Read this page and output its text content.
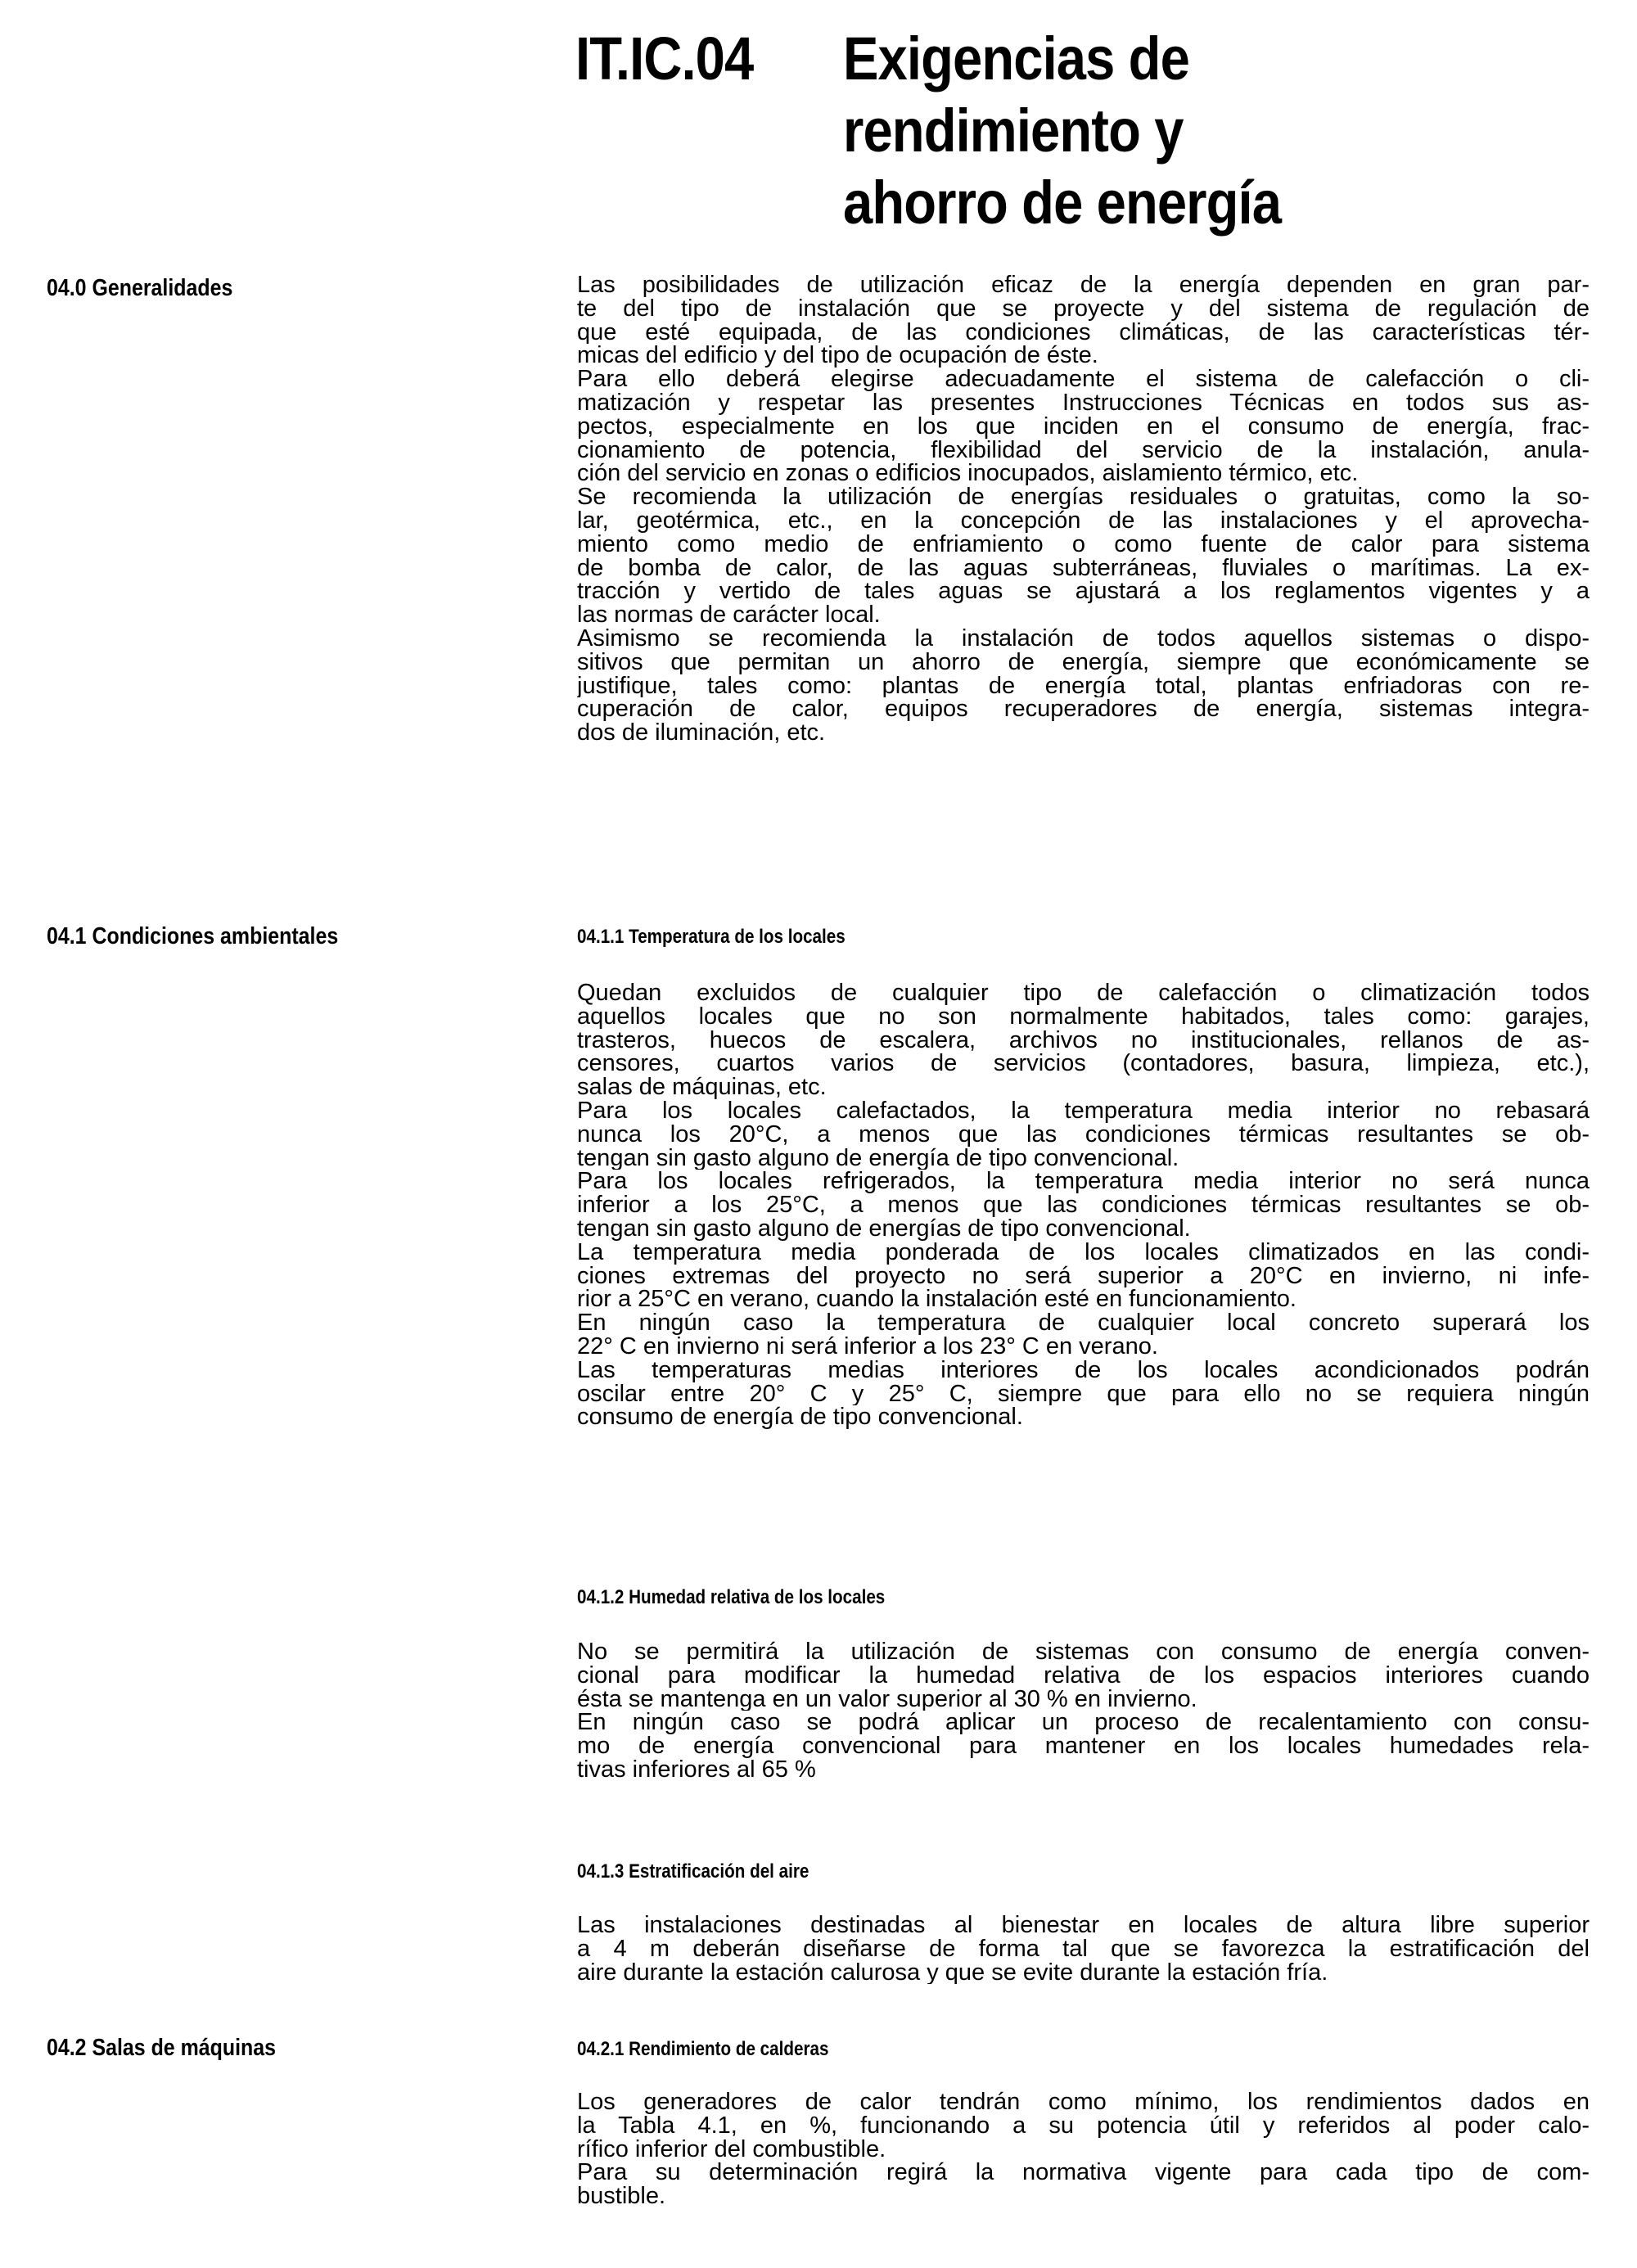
IT.IC.04 Exigencias de
rendimiento y
ahorro de energía
04.0 Generalidades	Las posibilidades de utilización eficaz de la energía dependen en gran par-
te del tipo de instalación que se proyecte y del sistema de regulación de
que esté equipada, de las condiciones climáticas, de las características tér-
micas del edificio y del tipo de ocupación de éste.
Para ello deberá elegirse adecuadamente el sistema de calefacción o cli-
matización y respetar las presentes Instrucciones Técnicas en todos sus as-
pectos, especialmente en los que inciden en el consumo de energía, frac-
cionamiento de potencia, flexibilidad del servicio de la instalación, anula-
ción del servicio en zonas o edificios inocupados, aislamiento térmico, etc.
Se recomienda la utilización de energías residuales o gratuitas, como la so-
lar, geotérmica, etc., en la concepción de las instalaciones y el aprovecha-
miento como medio de enfriamiento o como fuente de calor para sistema
de bomba de calor, de las aguas subterráneas, fluviales o marítimas. La ex-
tracción y vertido de tales aguas se ajustará a los reglamentos vigentes y a
las normas de carácter local.
Asimismo se recomienda la instalación de todos aquellos sistemas o dispo-
sitivos que permitan un ahorro de energía, siempre que económicamente se
justifique, tales como: plantas de energía total, plantas enfriadoras con re-
cuperación de calor, equipos recuperadores de energía, sistemas integra-
dos de iluminación, etc.
04.1 Condiciones ambientales	04.1.1 Temperatura de los locales
Quedan excluidos de cualquier tipo de calefacción o climatización todos
aquellos locales que no son normalmente habitados, tales como: garajes,
trasteros, huecos de escalera, archivos no institucionales, rellanos de as-
censores, cuartos varios de servicios (contadores, basura, limpieza, etc.),
salas de máquinas, etc.
Para los locales calefactados, la temperatura media interior no rebasará
nunca los 20°C, a menos que las condiciones térmicas resultantes se ob-
tengan sin gasto alguno de energía de tipo convencional.
Para los locales refrigerados, la temperatura media interior no será nunca
inferior a los 25°C, a menos que las condiciones térmicas resultantes se ob-
tengan sin gasto alguno de energías de tipo convencional.
La temperatura media ponderada de los locales climatizados en las condi-
ciones extremas del proyecto no será superior a 20°C en invierno, ni infe-
rior a 25°C en verano, cuando la instalación esté en funcionamiento.
En ningún caso la temperatura de cualquier local concreto superará los
22° C en invierno ni será inferior a los 23° C en verano.
Las temperaturas medias interiores de los locales acondicionados podrán
oscilar entre 20° C y 25° C, siempre que para ello no se requiera ningún
consumo de energía de tipo convencional.
04.1.2 Humedad relativa de los locales
No se permitirá la utilización de sistemas con consumo de energía conven-
cional para modificar la humedad relativa de los espacios interiores cuando
ésta se mantenga en un valor superior al 30 % en invierno.
En ningún caso se podrá aplicar un proceso de recalentamiento con consu-
mo de energía convencional para mantener en los locales humedades rela-
tivas inferiores al 65 %
04.1.3 Estratificación del aire
Las instalaciones destinadas al bienestar en locales de altura libre superior
a 4 m deberán diseñarse de forma tal que se favorezca la estratificación del
aire durante la estación calurosa y que se evite durante la estación fría.
04.2 Salas de máquinas	04.2.1 Rendimiento de calderas
Los generadores de calor tendrán como mínimo, los rendimientos dados en
la Tabla 4.1, en %, funcionando a su potencia útil y referidos al poder calo-
rífico inferior del combustible.
Para su determinación regirá la normativa vigente para cada tipo de com-
bustible.
